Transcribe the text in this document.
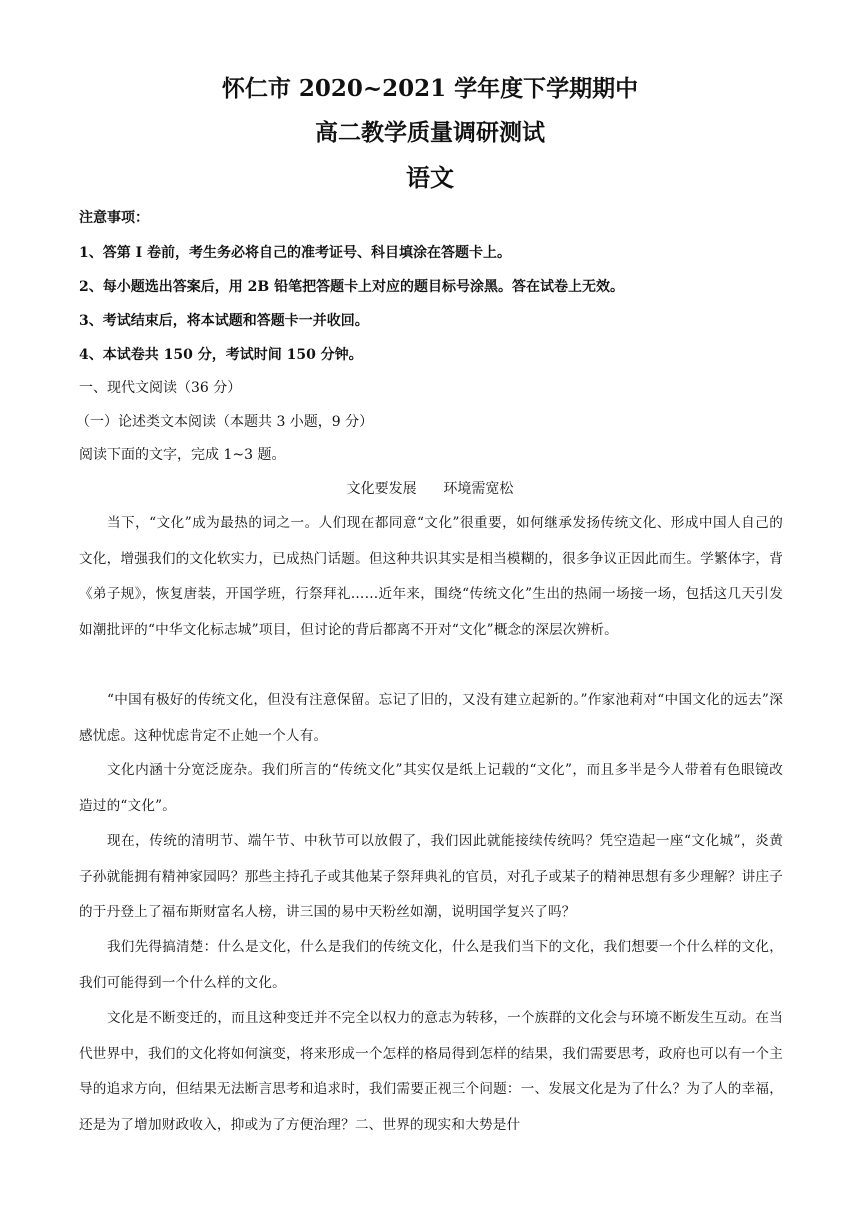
怀仁市 2020~2021 学年度下学期期中
高二教学质量调研测试
语文
注意事项：
1、答第 I 卷前，考生务必将自己的准考证号、科目填涂在答题卡上。
2、每小题选出答案后，用 2B 铅笔把答题卡上对应的题目标号涂黑。答在试卷上无效。
3、考试结束后，将本试题和答题卡一并收回。
4、本试卷共 150 分，考试时间 150 分钟。
一、现代文阅读（36 分）
（一）论述类文本阅读（本题共 3 小题，9 分）
阅读下面的文字，完成 1~3 题。
文化要发展      环境需宽松
当下，“文化”成为最热的词之一。人们现在都同意“文化”很重要，如何继承发扬传统文化、形成中国人自己的文化，增强我们的文化软实力，已成热门话题。但这种共识其实是相当模糊的，很多争议正因此而生。学繁体字，背《弟子规》，恢复唐装，开国学班，行祭拜礼……近年来，围绕“传统文化”生出的热闹一场接一场，包括这几天引发如潮批评的“中华文化标志城”项目，但讨论的背后都离不开对“文化”概念的深层次辨析。
“中国有极好的传统文化，但没有注意保留。忘记了旧的，又没有建立起新的。”作家池莉对“中国文化的远去”深感忧虑。这种忧虑肯定不止她一个人有。
文化内涵十分宽泛庞杂。我们所言的“传统文化”其实仅是纸上记载的“文化”，而且多半是今人带着有色眼镜改造过的“文化”。
现在，传统的清明节、端午节、中秋节可以放假了，我们因此就能接续传统吗？凭空造起一座“文化城”，炎黄子孙就能拥有精神家园吗？那些主持孔子或其他某子祭拜典礼的官员，对孔子或某子的精神思想有多少理解？讲庄子的于丹登上了福布斯财富名人榜，讲三国的易中天粉丝如潮，说明国学复兴了吗？
我们先得搞清楚：什么是文化，什么是我们的传统文化，什么是我们当下的文化，我们想要一个什么样的文化，我们可能得到一个什么样的文化。
文化是不断变迁的，而且这种变迁并不完全以权力的意志为转移，一个族群的文化会与环境不断发生互动。在当代世界中，我们的文化将如何演变，将来形成一个怎样的格局得到怎样的结果，我们需要思考，政府也可以有一个主导的追求方向，但结果无法断言思考和追求时，我们需要正视三个问题：一、发展文化是为了什么？为了人的幸福，还是为了增加财政收入，抑或为了方便治理？二、世界的现实和大势是什
